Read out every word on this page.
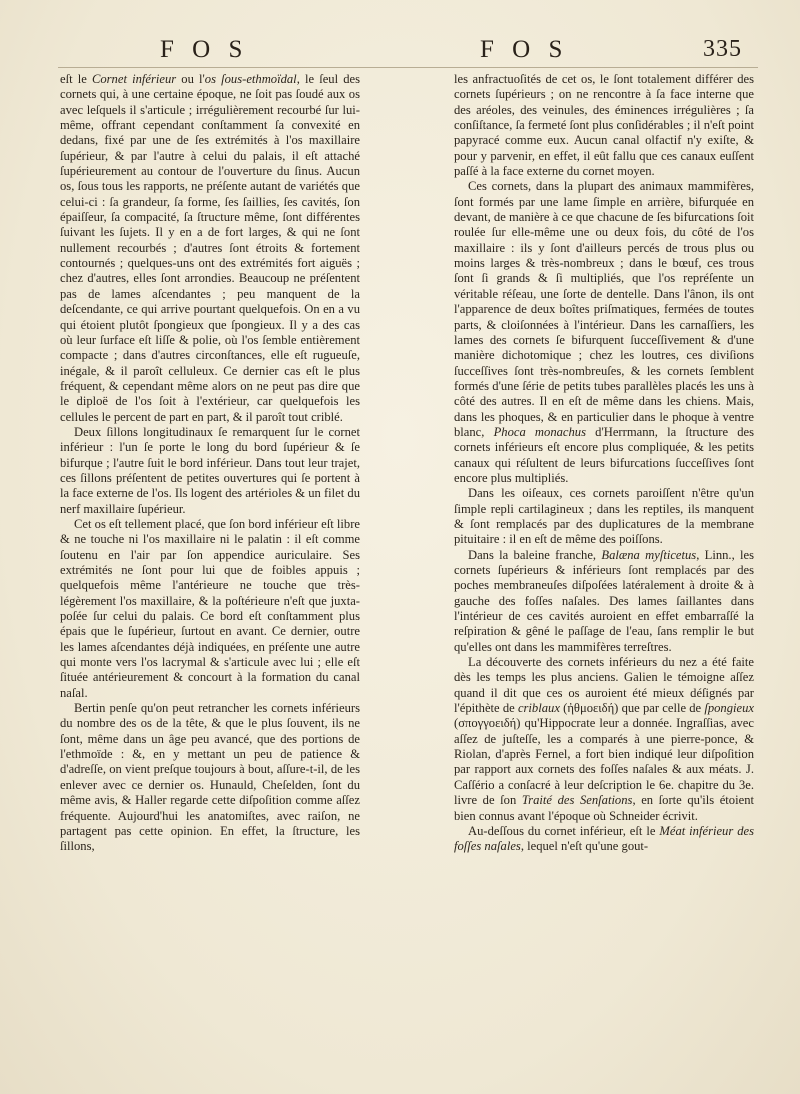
F O S	F O S	335

eſt le Cornet inférieur ou l'os ſous-ethmoïdal, le ſeul des cornets qui, à une certaine époque, ne ſoit pas ſoudé aux os avec leſquels il s'articule ; irrégulièrement recourbé ſur lui-même, offrant cependant conſtamment ſa convexité en dedans, fixé par une de ſes extrémités à l'os maxillaire ſupérieur, & par l'autre à celui du palais, il eſt attaché ſupérieurement au contour de l'ouverture du ſinus. Aucun os, ſous tous les rapports, ne préſente autant de variétés que celui-ci : ſa grandeur, ſa forme, ſes ſaillies, ſes cavités, ſon épaiſſeur, ſa compacité, ſa ſtructure même, ſont différentes ſuivant les ſujets. Il y en a de fort larges, & qui ne ſont nullement recourbés ; d'autres ſont étroits & fortement contournés ; quelques-uns ont des extrémités fort aiguës ; chez d'autres, elles ſont arrondies. Beaucoup ne préſentent pas de lames aſcendantes ; peu manquent de la deſcendante, ce qui arrive pourtant quelquefois. On en a vu qui étoient plutôt ſpongieux que ſpongieux. Il y a des cas où leur ſurface eſt liſſe & polie, où l'os ſemble entièrement compacte ; dans d'autres circonſtances, elle eſt rugueuſe, inégale, & il paroît celluleux. Ce dernier cas eſt le plus fréquent, & cependant même alors on ne peut pas dire que le diploë de l'os ſoit à l'extérieur, car quelquefois les cellules le percent de part en part, & il paroît tout criblé.

Deux ſillons longitudinaux ſe remarquent ſur le cornet inférieur : l'un ſe porte le long du bord ſupérieur & ſe bifurque ; l'autre ſuit le bord inférieur. Dans tout leur trajet, ces ſillons préſentent de petites ouvertures qui ſe portent à la face externe de l'os. Ils logent des artérioles & un filet du nerf maxillaire ſupérieur.

Cet os eſt tellement placé, que ſon bord inférieur eſt libre & ne touche ni l'os maxillaire ni le palatin : il eſt comme ſoutenu en l'air par ſon appendice auriculaire. Ses extrémités ne ſont pour lui que de foibles appuis ; quelquefois même l'antérieure ne touche que très-légèrement l'os maxillaire, & la poſtérieure n'eſt que juxta-poſée ſur celui du palais. Ce bord eſt conſtamment plus épais que le ſupérieur, ſurtout en avant. Ce dernier, outre les lames aſcendantes déjà indiquées, en préſente une autre qui monte vers l'os lacrymal & s'articule avec lui ; elle eſt ſituée antérieurement & concourt à la formation du canal naſal.

Bertin penſe qu'on peut retrancher les cornets inférieurs du nombre des os de la tête, & que le plus ſouvent, ils ne ſont, même dans un âge peu avancé, que des portions de l'ethmoïde : &, en y mettant un peu de patience & d'adreſſe, on vient preſque toujours à bout, aſſure-t-il, de les enlever avec ce dernier os. Hunauld, Cheſelden, ſont du même avis, & Haller regarde cette diſpoſition comme aſſez fréquente. Aujourd'hui les anatomiſtes, avec raiſon, ne partagent pas cette opinion. En effet, la ſtructure, les ſillons,

les anfractuoſités de cet os, le ſont totalement différer des cornets ſupérieurs ; on ne rencontre à ſa face interne que des aréoles, des veinules, des éminences irrégulières ; ſa conſiſtance, ſa fermeté ſont plus conſidérables ; il n'eſt point papyracé comme eux. Aucun canal olfactif n'y exiſte, & pour y parvenir, en effet, il eût fallu que ces canaux euſſent paſſé à la face externe du cornet moyen.

Ces cornets, dans la plupart des animaux mammifères, ſont formés par une lame ſimple en arrière, bifurquée en devant, de manière à ce que chacune de ſes bifurcations ſoit roulée ſur elle-même une ou deux fois, du côté de l'os maxillaire : ils y ſont d'ailleurs percés de trous plus ou moins larges & très-nombreux ; dans le bœuf, ces trous ſont ſi grands & ſi multipliés, que l'os repréſente un véritable réſeau, une ſorte de dentelle. Dans l'ânon, ils ont l'apparence de deux boîtes priſmatiques, fermées de toutes parts, & cloiſonnées à l'intérieur. Dans les carnaſſiers, les lames des cornets ſe bifurquent ſucceſſivement & d'une manière dichotomique ; chez les loutres, ces diviſions ſucceſſives ſont très-nombreuſes, & les cornets ſemblent formés d'une ſérie de petits tubes parallèles placés les uns à côté des autres. Il en eſt de même dans les chiens. Mais, dans les phoques, & en particulier dans le phoque à ventre blanc, Phoca monachus d'Herrmann, la ſtructure des cornets inférieurs eſt encore plus compliquée, & les petits canaux qui réſultent de leurs bifurcations ſucceſſives ſont encore plus multipliés.

Dans les oiſeaux, ces cornets paroiſſent n'être qu'un ſimple repli cartilagineux ; dans les reptiles, ils manquent & ſont remplacés par des duplicatures de la membrane pituitaire : il en eſt de même des poiſſons.

Dans la baleine franche, Balæna myſticetus, Linn., les cornets ſupérieurs & inférieurs ſont remplacés par des poches membraneuſes diſpoſées latéralement à droite & à gauche des foſſes naſales. Des lames ſaillantes dans l'intérieur de ces cavités auroient en effet embarraſſé la reſpiration & gêné le paſſage de l'eau, ſans remplir le but qu'elles ont dans les mammifères terreſtres.

La découverte des cornets inférieurs du nez a été faite dès les temps les plus anciens. Galien le témoigne aſſez quand il dit que ces os auroient été mieux déſignés par l'épithète de criblaux (ἠθμοειδή) que par celle de ſpongieux (σπογγοειδή) qu'Hippocrate leur a donnée. Ingraſſias, avec aſſez de juſteſſe, les a comparés à une pierre-ponce, & Riolan, d'après Fernel, a fort bien indiqué leur diſpoſition par rapport aux cornets des foſſes naſales & aux méats. J. Caſſério a conſacré à leur deſcription le 6e. chapitre du 3e. livre de ſon Traité des Senſations, en ſorte qu'ils étoient bien connus avant l'époque où Schneider écrivit.

Au-deſſous du cornet inférieur, eſt le Méat inférieur des foſſes naſales, lequel n'eſt qu'une gout-
